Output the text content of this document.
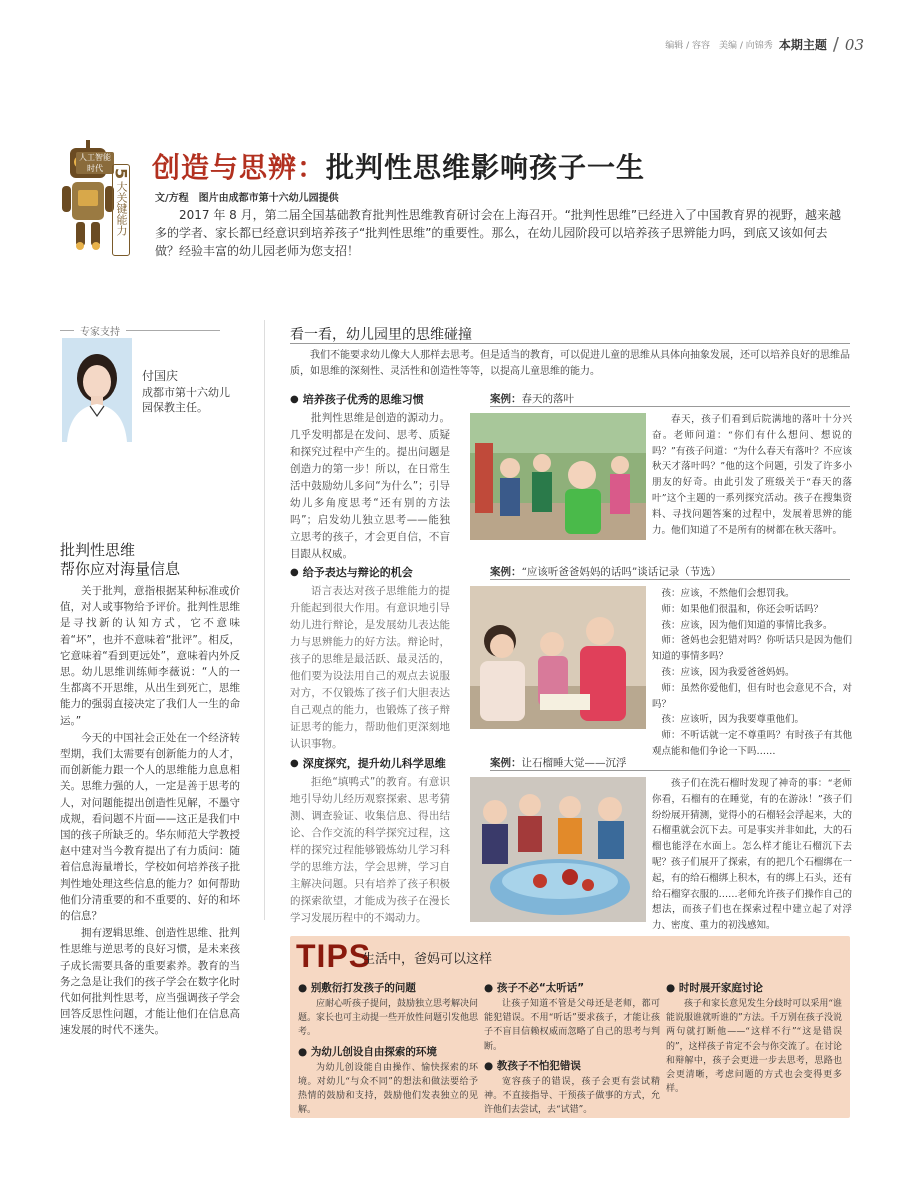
编辑 / 容容　美编 / 向锦秀 本期主题 / 03
人工智能时代 5
大关键能力
创造与思辨：批判性思维影响孩子一生
文/方程　图片由成都市第十六幼儿园提供
2017 年 8 月，第二届全国基础教育批判性思维教育研讨会在上海召开。“批判性思维”已经进入了中国教育界的视野，越来越多的学者、家长都已经意识到培养孩子“批判性思维”的重要性。那么，在幼儿园阶段可以培养孩子思辨能力吗，到底又该如何去做？经验丰富的幼儿园老师为您支招！
专家支持
付国庆
成都市第十六幼儿园保教主任。
批判性思维
帮你应对海量信息

关于批判，意指根据某种标准或价值，对人或事物给予评价。批判性思维是寻找新的认知方式，它不意味着“坏”，也并不意味着“批评”。相反，它意味着“看到更远处”，意味着内外反思。幼儿思维训练师李薇说：“人的一生都离不开思维，从出生到死亡，思维能力的强弱直接决定了我们人一生的命运。”

今天的中国社会正处在一个经济转型期，我们太需要有创新能力的人才，而创新能力跟一个人的思维能力息息相关。思维力强的人，一定是善于思考的人，对问题能提出创造性见解，不墨守成规，看问题不片面——这正是我们中国的孩子所缺乏的。华东师范大学教授赵中建对当今教育提出了有力质问：随着信息海量增长，学校如何培养孩子批判性地处理这些信息的能力？如何帮助他们分清重要的和不重要的、好的和坏的信息？

拥有逻辑思维、创造性思维、批判性思维与逆思考的良好习惯，是未来孩子成长需要具备的重要素养。教育的当务之急是让我们的孩子学会在数字化时代如何批判性思考，应当强调孩子学会回答反思性问题，才能让他们在信息高速发展的时代不迷失。

看一看，幼儿园里的思维碰撞
我们不能要求幼儿像大人那样去思考。但是适当的教育，可以促进儿童的思维从具体向抽象发展，还可以培养良好的思维品质，如思维的深刻性、灵活性和创造性等等，以提高儿童思维的能力。
● 培养孩子优秀的思维习惯
批判性思维是创造的源动力。几乎发明都是在发问、思考、质疑和探究过程中产生的。提出问题是创造力的第一步！所以，在日常生活中鼓励幼儿多问“为什么”；引导幼儿多角度思考“还有别的方法吗”；启发幼儿独立思考——能独立思考的孩子，才会更自信，不盲目跟从权威。
案例：春天的落叶

春天，孩子们看到后院满地的落叶十分兴奋。老师问道：“你们有什么想问、想说的吗？”有孩子问道：“为什么春天有落叶？不应该秋天才落叶吗？”他的这个问题，引发了许多小朋友的好奇。由此引发了班级关于“春天的落叶”这个主题的一系列探究活动。孩子在搜集资料、寻找问题答案的过程中，发展着思辨的能力。他们知道了不是所有的树都在秋天落叶。

● 给予表达与辩论的机会
语言表达对孩子思维能力的提升能起到很大作用。有意识地引导幼儿进行辩论，是发展幼儿表达能力与思辨能力的好方法。辩论时，孩子的思维是最活跃、最灵活的，他们要为设法用自己的观点去说服对方，不仅锻炼了孩子们大胆表达自己观点的能力，也锻炼了孩子辩证思考的能力，帮助他们更深刻地认识事物。
案例：“应该听爸爸妈妈的话吗”谈话记录（节选）

孩：应该，不然他们会想罚我。

师：如果他们很温和，你还会听话吗？

孩：应该，因为他们知道的事情比我多。

师：爸妈也会犯错对吗？你听话只是因为他们知道的事情多吗？

孩：应该，因为我爱爸爸妈妈。

师：虽然你爱他们，但有时也会意见不合，对吗？

孩：应该听，因为我要尊重他们。

师：不听话就一定不尊重吗？有时孩子有其他观点能和他们争论一下吗……

● 深度探究，提升幼儿科学思维
拒绝“填鸭式”的教育。有意识地引导幼儿经历观察探索、思考猜测、调查验证、收集信息、得出结论、合作交流的科学探究过程，这样的探究过程能够锻炼幼儿学习科学的思维方法，学会思辨，学习自主解决问题。只有培养了孩子积极的探索欲望，才能成为孩子在漫长学习发展历程中的不竭动力。
案例：让石榴睡大觉——沉浮

孩子们在洗石榴时发现了神奇的事：“老师你看，石榴有的在睡觉，有的在游泳！”孩子们纷纷展开猜测，觉得小的石榴轻会浮起来，大的石榴重就会沉下去。可是事实并非如此，大的石榴也能浮在水面上。怎么样才能让石榴沉下去呢？孩子们展开了探索，有的把几个石榴绑在一起，有的给石榴绑上积木，有的绑上石头，还有给石榴穿衣服的……老师允许孩子们操作自己的想法，而孩子们也在探索过程中建立起了对浮力、密度、重力的初浅感知。

TIPS
生活中，爸妈可以这样
● 别敷衍打发孩子的问题
应耐心听孩子提问，鼓励独立思考解决问题。家长也可主动提一些开放性问题引发他思考。
● 为幼儿创设自由探索的环境
为幼儿创设能自由操作、愉快探索的环境。对幼儿“与众不同”的想法和做法要给予热情的鼓励和支持，鼓励他们发表独立的见解。
● 孩子不必“太听话”
让孩子知道不管是父母还是老师，都可能犯错误。不用“听话”要求孩子，才能让孩子不盲目信赖权威而忽略了自己的思考与判断。
● 教孩子不怕犯错误
宽容孩子的错误，孩子会更有尝试精神。不直接指导、干预孩子做事的方式，允许他们去尝试，去“试错”。
● 时时展开家庭讨论
孩子和家长意见发生分歧时可以采用“谁能说服谁就听谁的”方法。千万别在孩子没说两句就打断他——“这样不行”“这是错误的”，这样孩子肯定不会与你交流了。在讨论和辩解中，孩子会更进一步去思考，思路也会更清晰，考虑问题的方式也会变得更多样。
